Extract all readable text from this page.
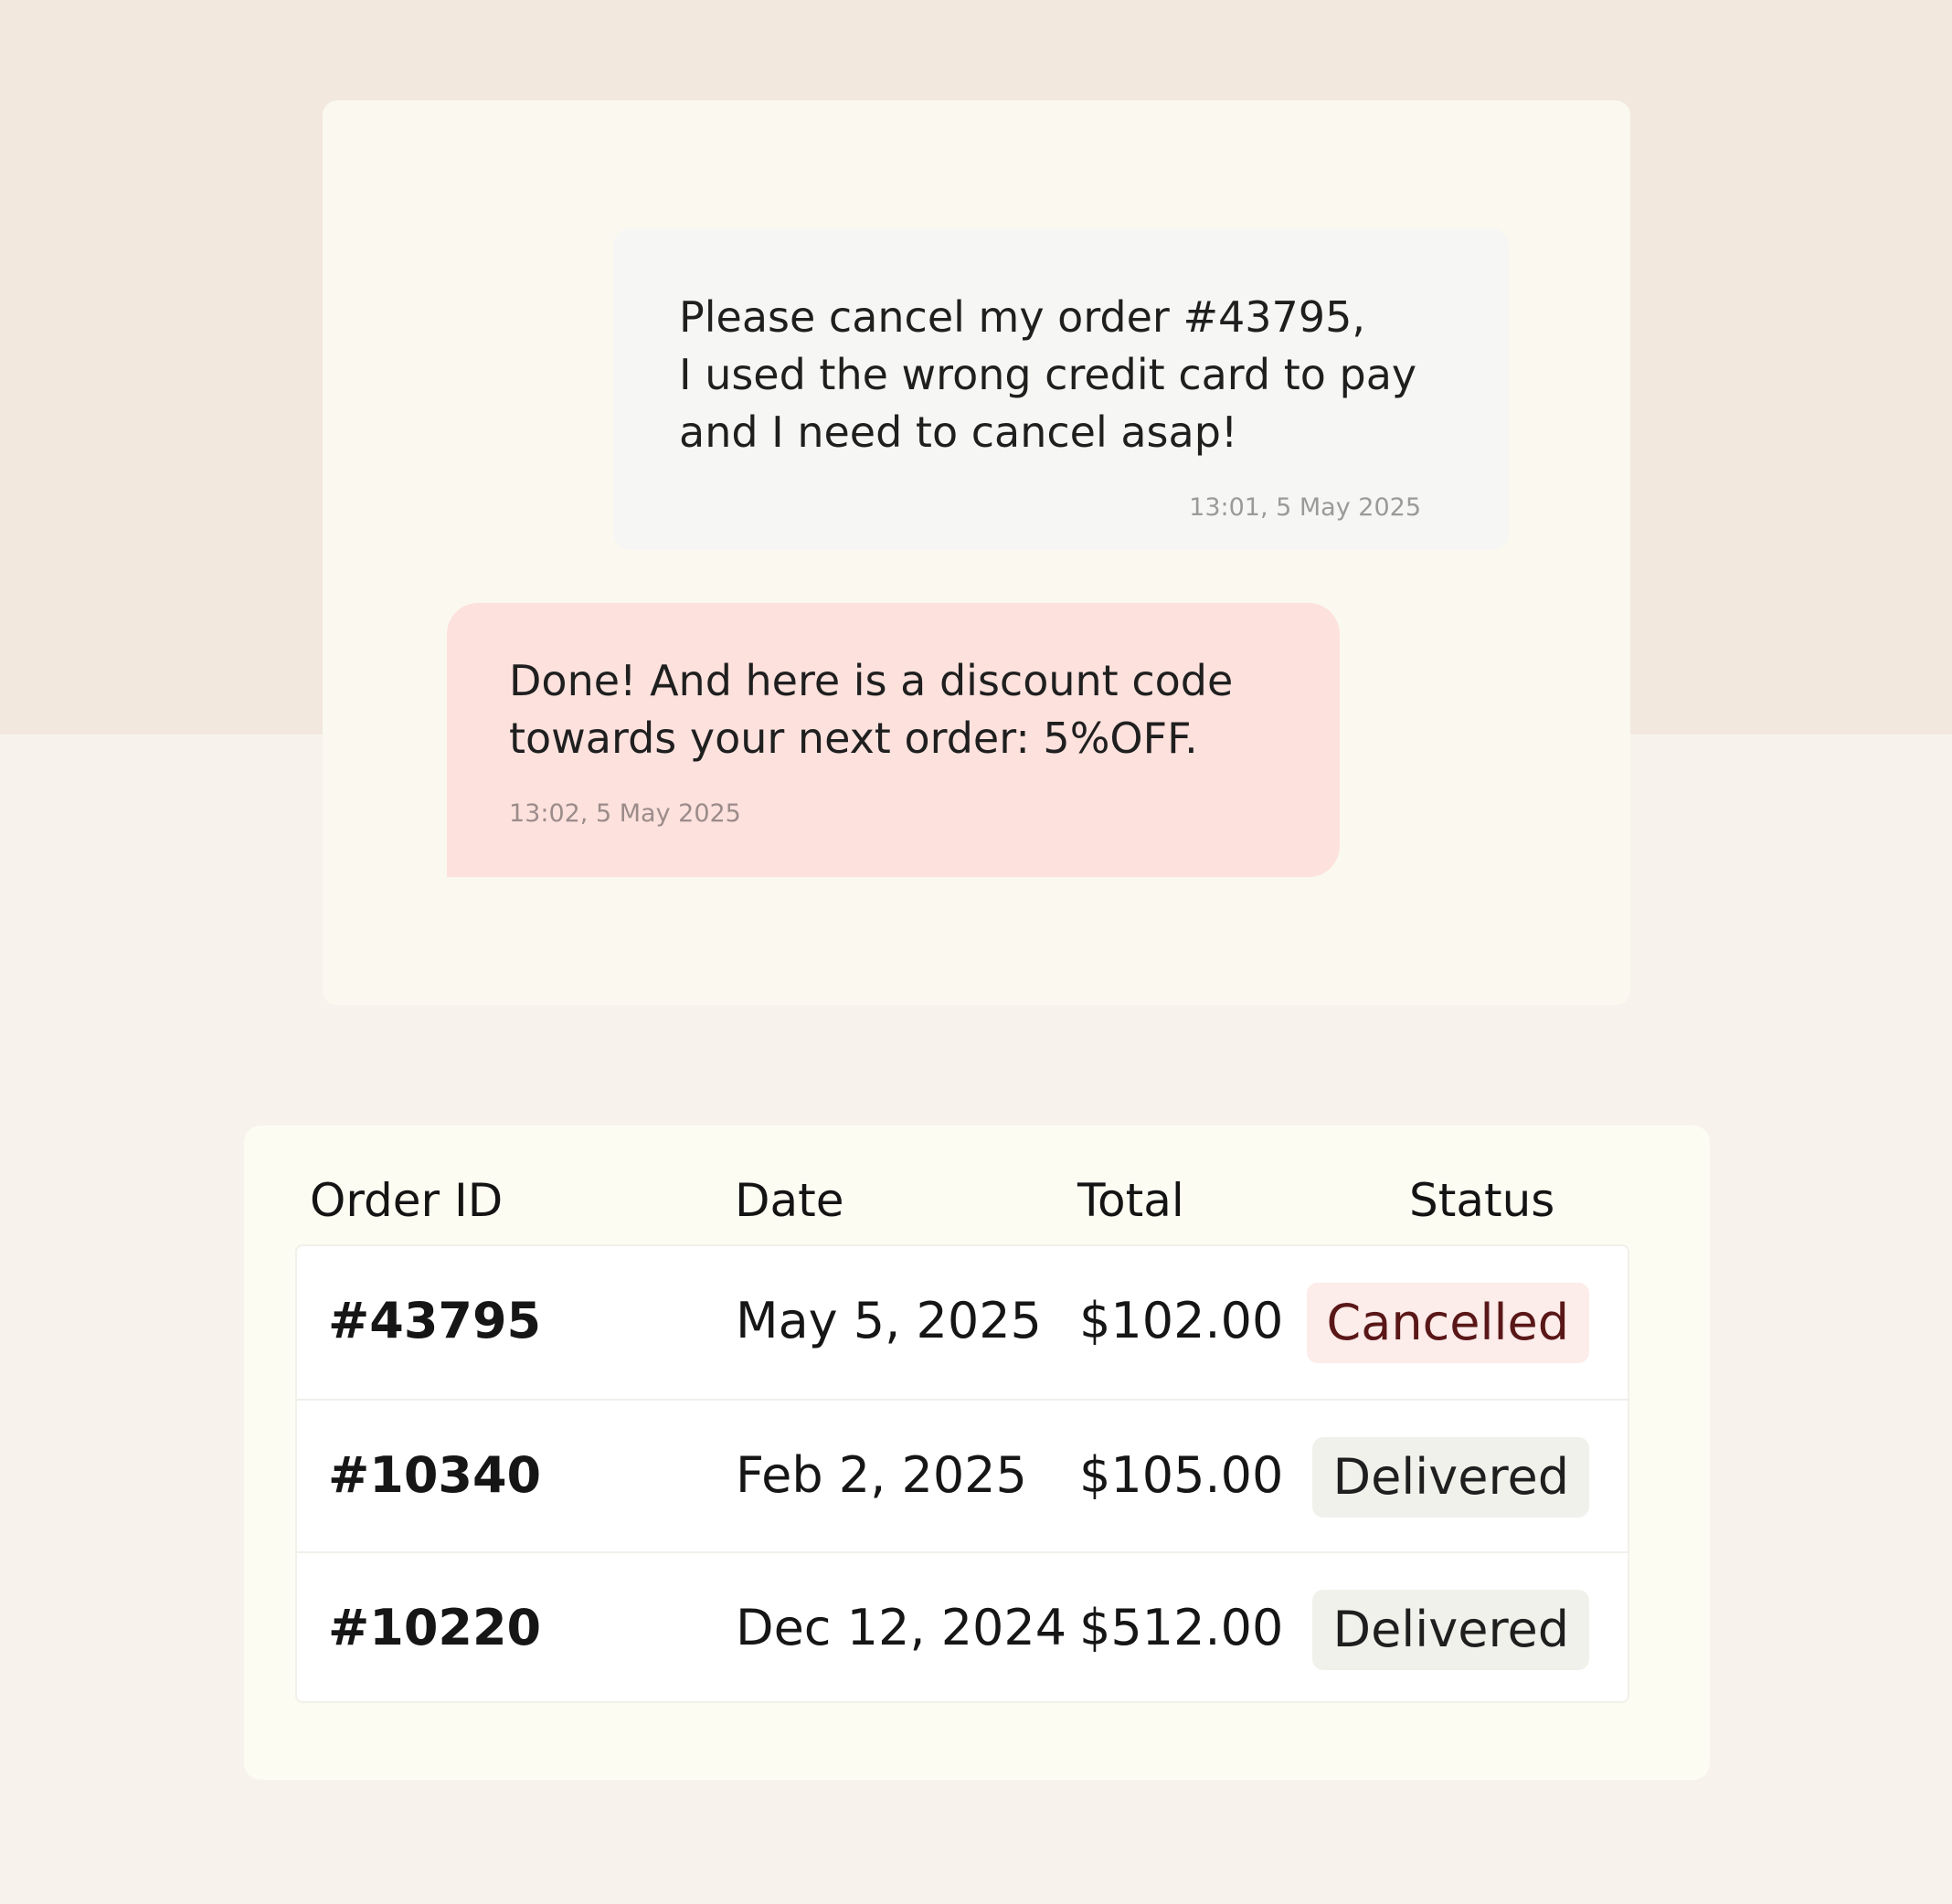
Please cancel my order #43795,
I used the wrong credit card to pay
and I need to cancel asap!
13:01, 5 May 2025
Done! And here is a discount code
towards your next order: 5%OFF.
13:02, 5 May 2025
Order ID	Date	Total	Status
#43795	May 5, 2025 $102.00 Cancelled
#10340	Feb 2, 2025 $105.00	Delivered
#10220	Dec 12, 2024 $512.00	Delivered
